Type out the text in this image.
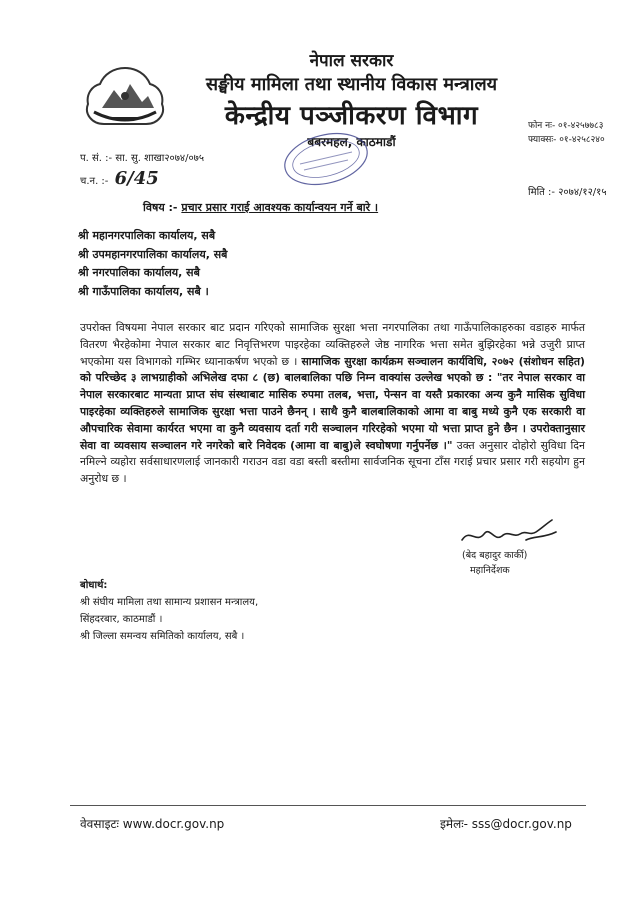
नेपाल सरकार
सङ्घीय मामिला तथा स्थानीय विकास मन्त्रालय
केन्द्रीय पञ्जीकरण विभाग
बबरमहल, काठमाडौं
फोन नः- ०१-४२५७७८३
फ्याक्सः- ०१-४२५८२४०
प. सं. :- सा. सु. शाखा२०७४/०७५
च.न. :- 6/45
मिति :- २०७४/१२/१५
विषय :- प्रचार प्रसार गराई आवश्यक कार्यान्वयन गर्ने बारे ।
श्री महानगरपालिका कार्यालय, सबै
श्री उपमहानगरपालिका कार्यालय, सबै
श्री नगरपालिका कार्यालय, सबै
श्री गाऊँपालिका कार्यालय, सबै ।
उपरोक्त विषयमा नेपाल सरकार बाट प्रदान गरिएको सामाजिक सुरक्षा भत्ता नगरपालिका तथा गाऊँपालिकाहरुका वडाहरु मार्फत वितरण भैरहेकोमा नेपाल सरकार बाट निवृत्तिभरण पाइरहेका व्यक्तिहरुले जेष्ठ नागरिक भत्ता समेत बुझिरहेका भन्ने उजुरी प्राप्त भएकोमा यस विभागको गम्भिर ध्यानाकर्षण भएको छ । सामाजिक सुरक्षा कार्यक्रम सञ्चालन कार्यविधि, २०७२ (संशोधन सहित) को परिच्छेद ३ लाभग्राहीको अभिलेख दफा ८ (छ) बालबालिका पछि निम्न वाक्यांस उल्लेख भएको छ : "तर नेपाल सरकार वा नेपाल सरकारबाट मान्यता प्राप्त संघ संस्थाबाट मासिक रुपमा तलब, भत्ता, पेन्सन वा यस्तै प्रकारका अन्य कुनै मासिक सुविधा पाइरहेका व्यक्तिहरुले सामाजिक सुरक्षा भत्ता पाउने छैनन् । साथै कुनै बालबालिकाको आमा वा बाबु मध्ये कुनै एक सरकारी वा औपचारिक सेवामा कार्यरत भएमा वा कुनै व्यवसाय दर्ता गरी सञ्चालन गरिरहेको भएमा यो भत्ता प्राप्त हुने छैन । उपरोक्तानुसार सेवा वा व्यवसाय सञ्चालन गरे नगरेको बारे निवेदक (आमा वा बाबु)ले स्वघोषणा गर्नुपर्नेछ ।" उक्त अनुसार दोहोरो सुविधा दिन नमिल्ने व्यहोरा सर्वसाधारणलाई जानकारी गराउन वडा वडा बस्ती बस्तीमा सार्वजनिक सूचना टाँस गराई प्रचार प्रसार गरी सहयोग हुन अनुरोध छ ।
(बेद बहादुर कार्की)
महानिर्देशक
बोधार्थ:
श्री संघीय मामिला तथा सामान्य प्रशासन मन्त्रालय,
सिंहदरबार, काठमाडौं ।
श्री जिल्ला समन्वय समितिको कार्यालय, सबै ।
वेवसाइटः www.docr.gov.np	इमेलः- sss@docr.gov.np
